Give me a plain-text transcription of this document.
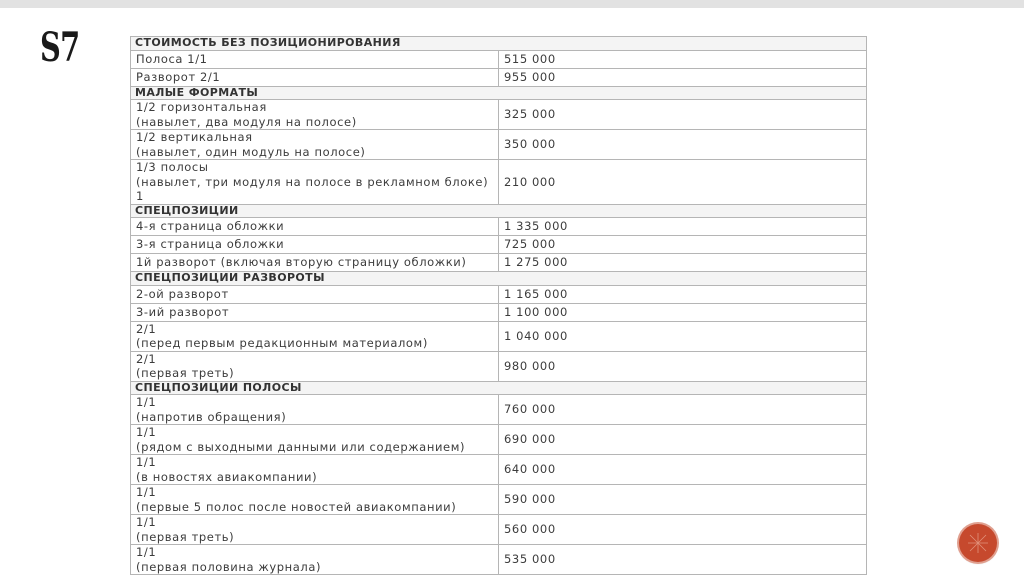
S7	СТОИМОСТЬ БЕЗ ПОЗИЦИОНИРОВАНИЯ	

Полоса 1/1	515 000

Разворот 2/1	955 000
МАЛЫЕ ФОРМАТЫ	

1/2 горизонтальная
(навылет, два модуля на полосе)	325 000

1/2 вертикальная
(навылет, один модуль на полосе)	350 000

1/3 полосы
(навылет, три модуля на полосе в рекламном блоке) 1	210 000
СПЕЦПОЗИЦИИ	

4-я страница обложки	1 335 000

3-я страница обложки	725 000

1й разворот (включая вторую страницу обложки)	1 275 000
СПЕЦПОЗИЦИИ РАЗВОРОТЫ	

2-ой разворот	1 165 000

3-ий разворот	1 100 000

2/1
(перед первым редакционным материалом)	1 040 000

2/1
(первая треть)	980 000
СПЕЦПОЗИЦИИ ПОЛОСЫ	

1/1
(напротив обращения)	760 000

1/1
(рядом с выходными данными или содержанием)	690 000

1/1
(в новостях авиакомпании)	640 000

1/1
(первые 5 полос после новостей авиакомпании)	590 000

1/1
(первая треть)	560 000

1/1
(первая половина журнала)	535 000
